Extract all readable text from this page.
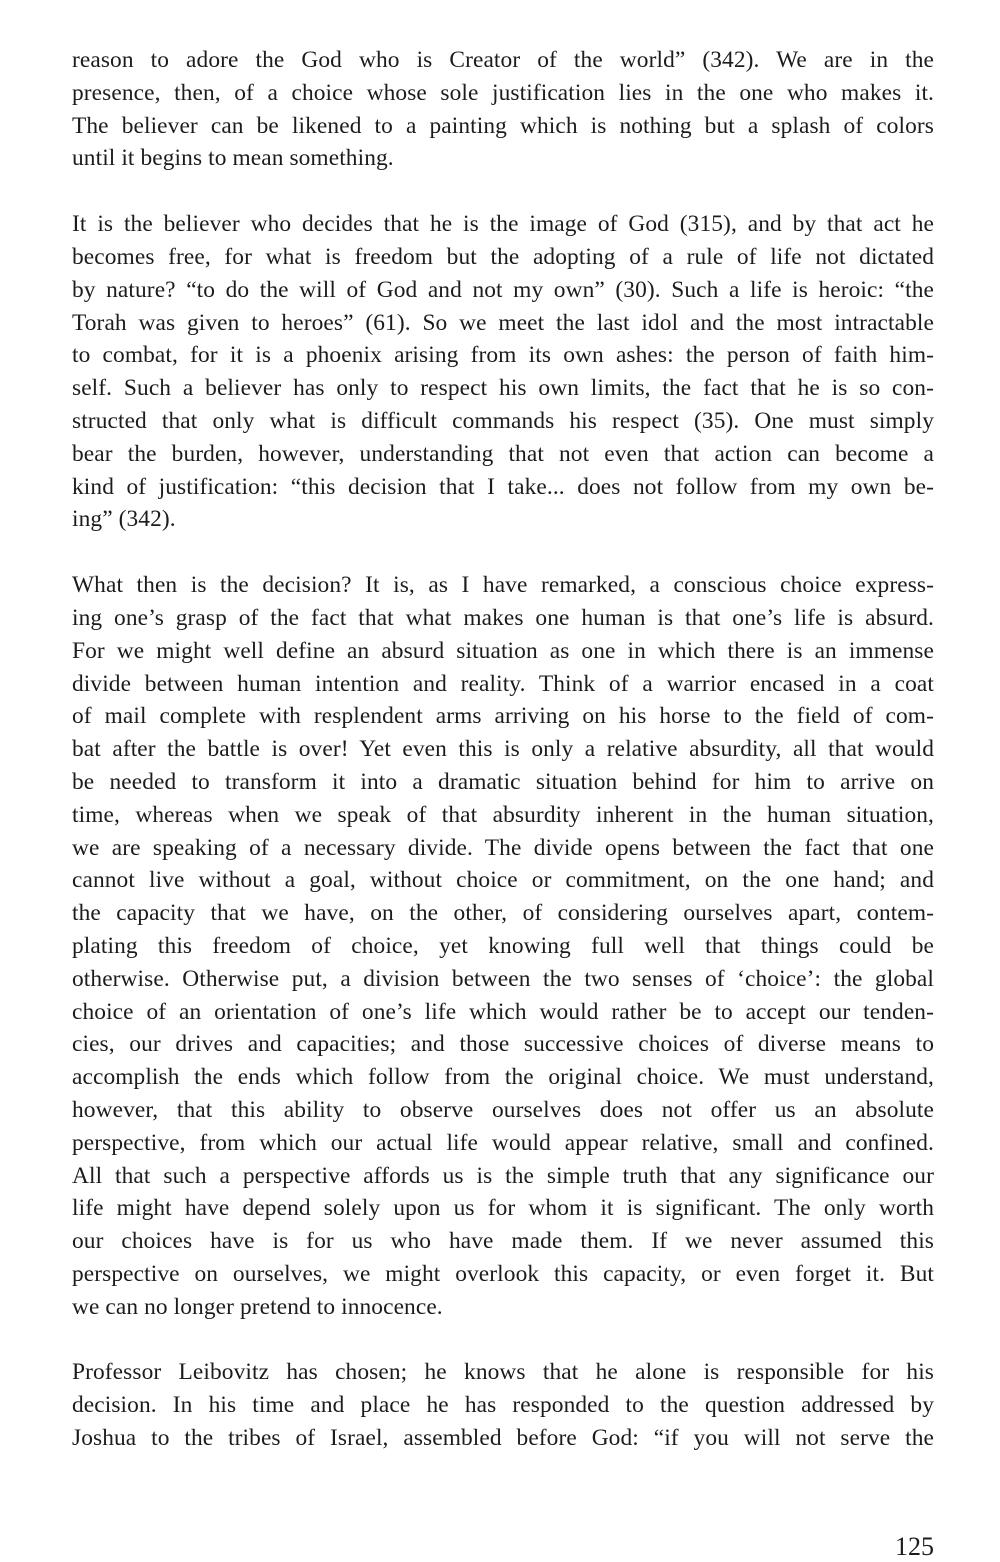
reason to adore the God who is Creator of the world” (342). We are in the
presence, then, of a choice whose sole justification lies in the one who makes it.
The believer can be likened to a painting which is nothing but a splash of colors
until it begins to mean something.

It is the believer who decides that he is the image of God (315), and by that act he
becomes free, for what is freedom but the adopting of a rule of life not dictated
by nature? “to do the will of God and not my own” (30). Such a life is heroic: “the
Torah was given to heroes” (61). So we meet the last idol and the most intractable
to combat, for it is a phoenix arising from its own ashes: the person of faith him-
self. Such a believer has only to respect his own limits, the fact that he is so con-
structed that only what is difficult commands his respect (35). One must simply
bear the burden, however, understanding that not even that action can become a
kind of justification: “this decision that I take... does not follow from my own be-
ing” (342).

What then is the decision? It is, as I have remarked, a conscious choice express-
ing one’s grasp of the fact that what makes one human is that one’s life is absurd.
For we might well define an absurd situation as one in which there is an immense
divide between human intention and reality. Think of a warrior encased in a coat
of mail complete with resplendent arms arriving on his horse to the field of com-
bat after the battle is over! Yet even this is only a relative absurdity, all that would
be needed to transform it into a dramatic situation behind for him to arrive on
time, whereas when we speak of that absurdity inherent in the human situation,
we are speaking of a necessary divide. The divide opens between the fact that one
cannot live without a goal, without choice or commitment, on the one hand; and
the capacity that we have, on the other, of considering ourselves apart, contem-
plating this freedom of choice, yet knowing full well that things could be
otherwise. Otherwise put, a division between the two senses of ‘choice’: the global
choice of an orientation of one’s life which would rather be to accept our tenden-
cies, our drives and capacities; and those successive choices of diverse means to
accomplish the ends which follow from the original choice. We must understand,
however, that this ability to observe ourselves does not offer us an absolute
perspective, from which our actual life would appear relative, small and confined.
All that such a perspective affords us is the simple truth that any significance our
life might have depend solely upon us for whom it is significant. The only worth
our choices have is for us who have made them. If we never assumed this
perspective on ourselves, we might overlook this capacity, or even forget it. But
we can no longer pretend to innocence.

Professor Leibovitz has chosen; he knows that he alone is responsible for his
decision. In his time and place he has responded to the question addressed by
Joshua to the tribes of Israel, assembled before God: “if you will not serve the

125
